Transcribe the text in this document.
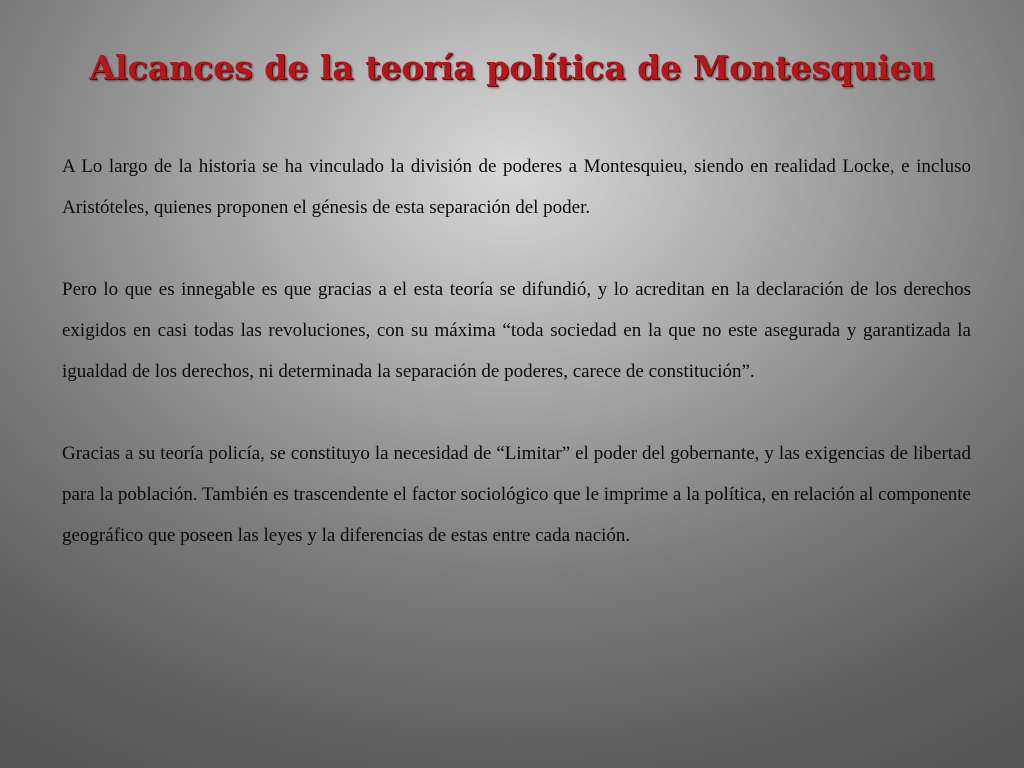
Alcances de la teoría política de Montesquieu

A Lo largo de la historia se ha vinculado la división de poderes a Montesquieu, siendo en realidad Locke, e incluso Aristóteles, quienes proponen el génesis de esta separación del poder.

Pero lo que es innegable es que gracias a el esta teoría se difundió, y lo acreditan en la declaración de los derechos exigidos en casi todas las revoluciones, con su máxima “toda sociedad en la que no este asegurada y garantizada la igualdad de los derechos, ni determinada la separación de poderes, carece de constitución”.

Gracias a su teoría policía, se constituyo la necesidad de “Limitar” el poder del gobernante, y las exigencias de libertad para la población. También es trascendente el factor sociológico que le imprime a la política, en relación al componente geográfico que poseen las leyes y la diferencias de estas entre cada nación.
